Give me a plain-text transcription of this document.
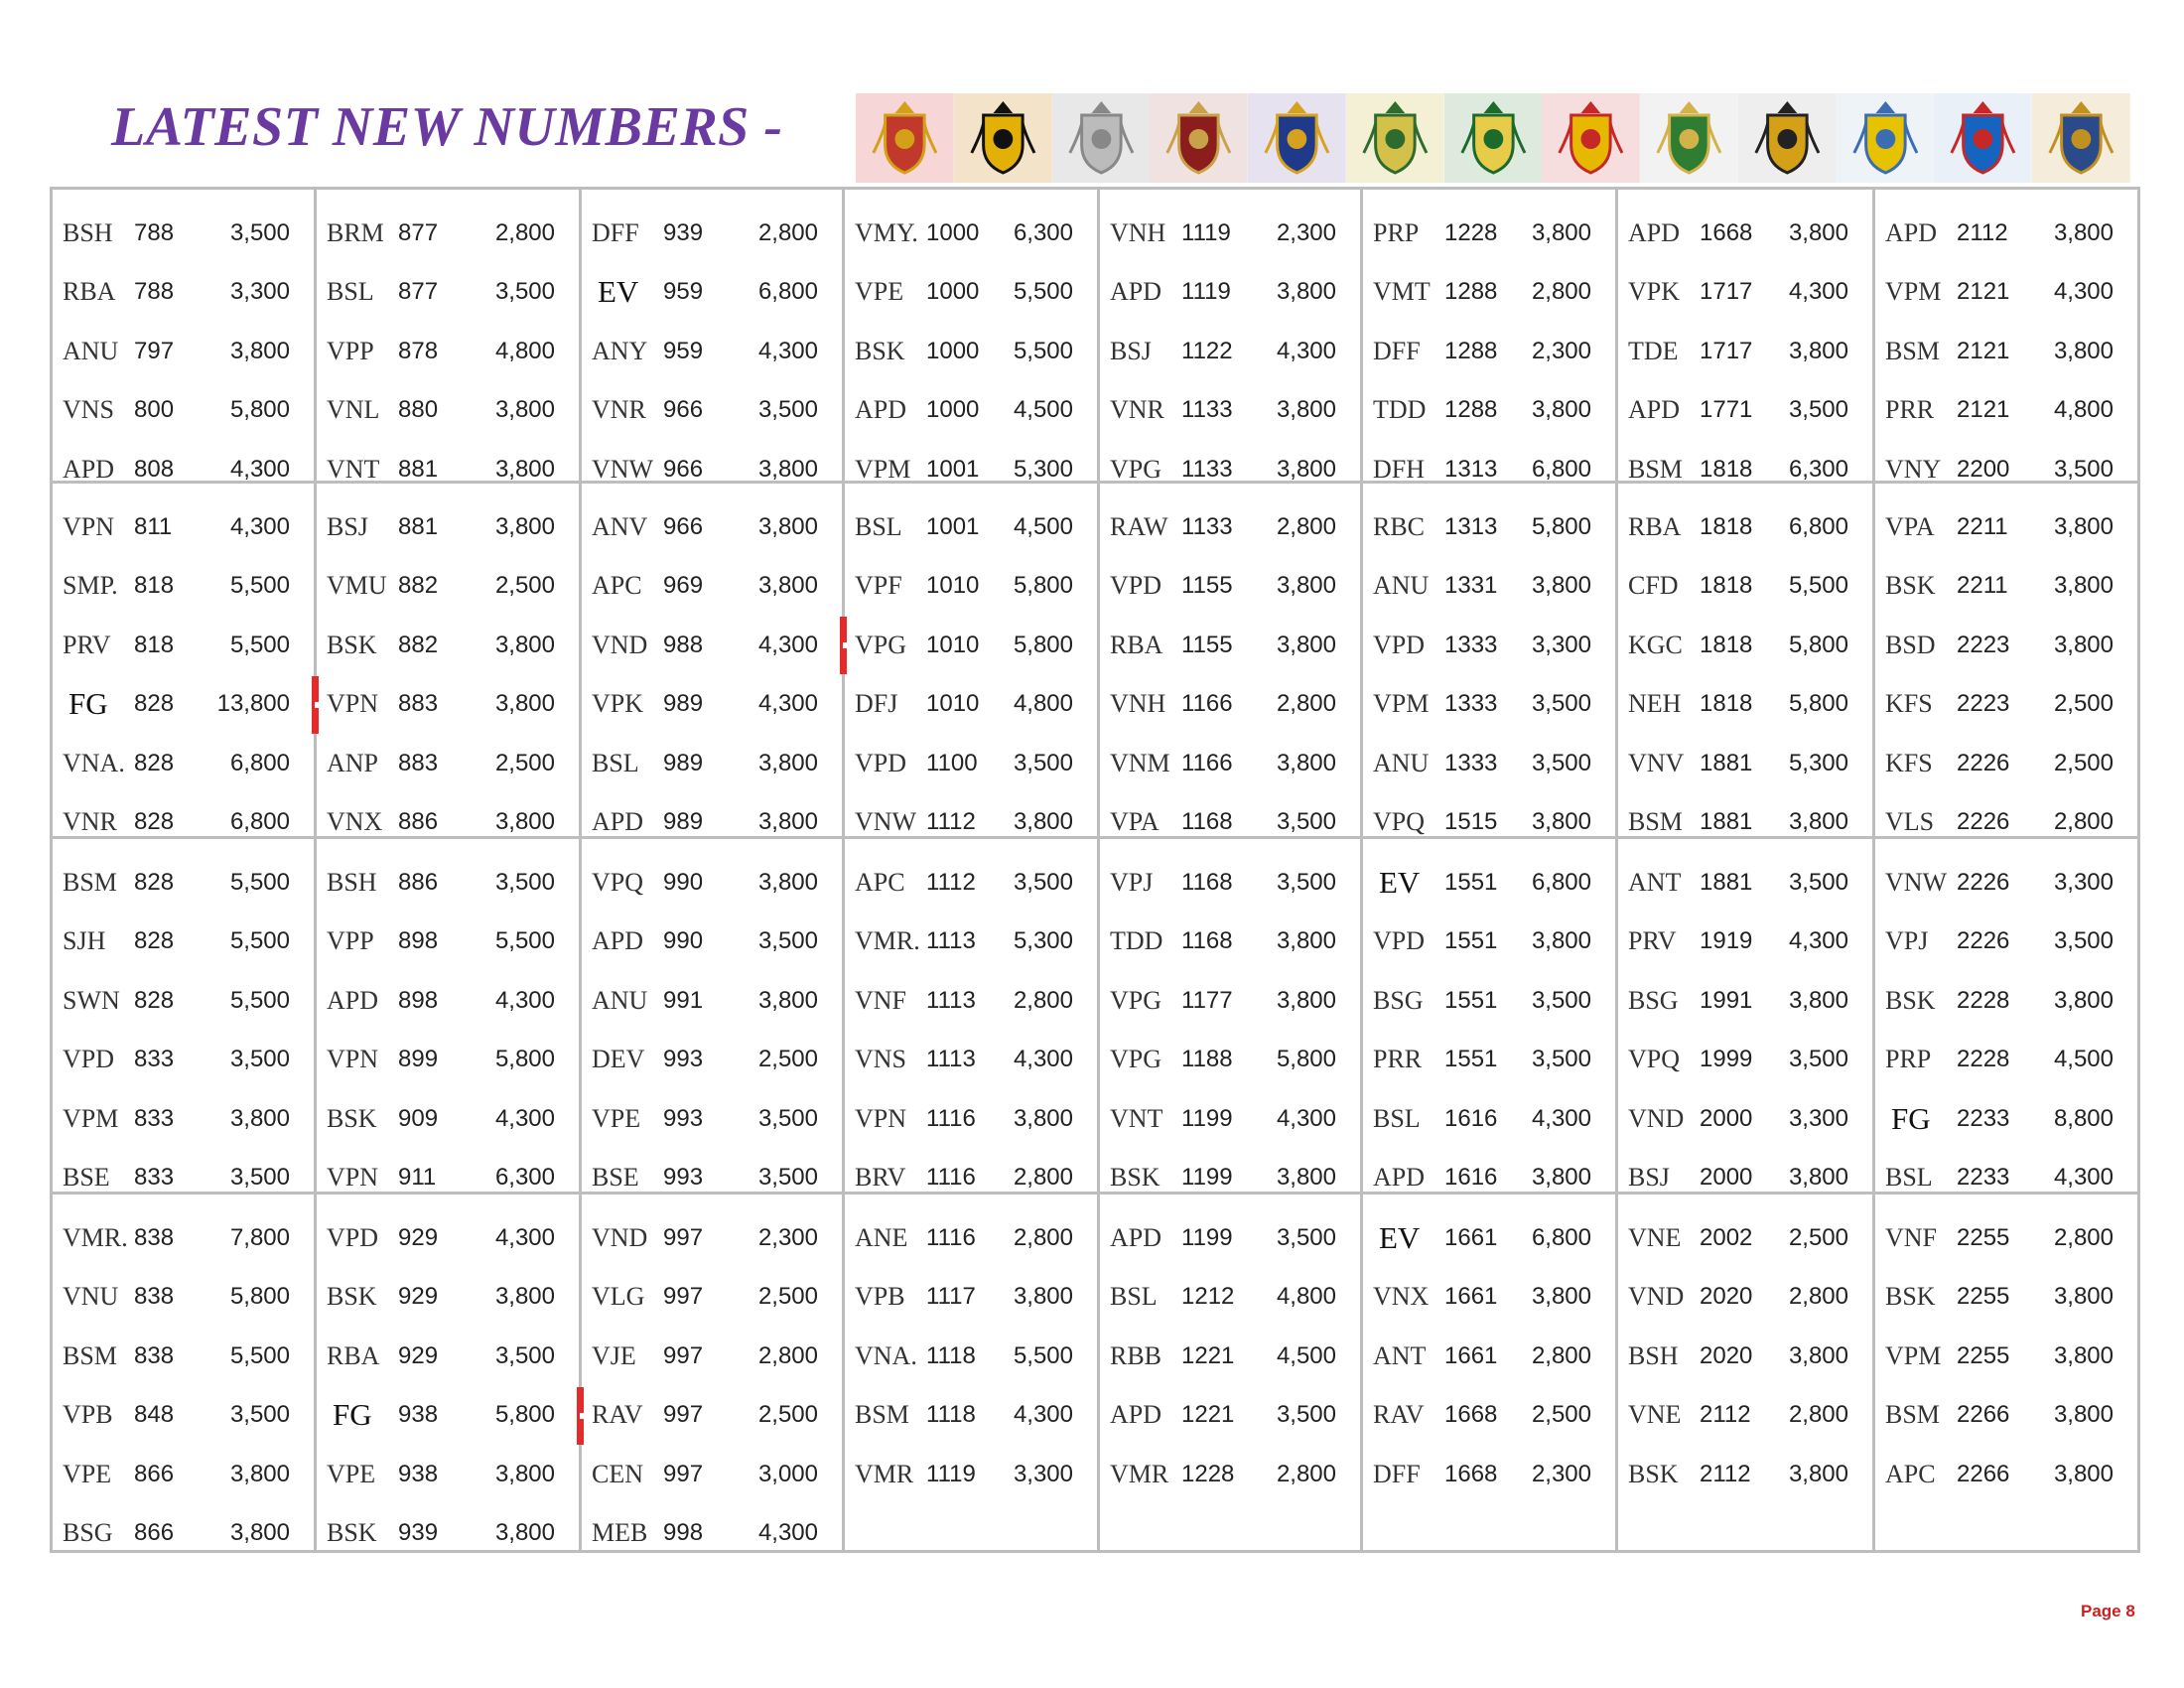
LATEST NEW NUMBERS -
BSH 788	3,500
RBA 788	3,300
ANU 797	3,800
VNS 800	5,800
APD 808	4,300
BRM 877	2,800
BSL	877	3,500
VPP	878	4,800
VNL 880	3,800
VNT 881	3,800
DFF	939	2,800
EV	959	6,800
ANY 959	4,300
VNR 966	3,500
VNW 966	3,800
VMY. 1000	6,300
VPE 1000	5,500
BSK 1000	5,500
APD 1000	4,500
VPM 1001	5,300
VNH 1119	2,300
APD 1119	3,800
BSJ	1122	4,300
VNR 1133	3,800
VPG 1133	3,800
PRP	1228	3,800
VMT 1288	2,800
DFF	1288	2,300
TDD 1288	3,800
DFH 1313	6,800
APD 1668	3,800
VPK 1717	4,300
TDE 1717	3,800
APD 1771	3,500
BSM 1818	6,300
APD 2112	3,800
VPM 2121	4,300
BSM 2121	3,800
PRR 2121	4,800
VNY 2200	3,500
VPN 811	4,300
SMP. 818	5,500
PRV 818	5,500
FG	828	13,800
VNA. 828	6,800
VNR 828	6,800
BSJ	881	3,800
VMU 882	2,500
BSK 882	3,800
VPN 883	3,800
ANP 883	2,500
VNX 886	3,800
ANV 966	3,800
APC 969	3,800
VND 988	4,300
VPK 989	4,300
BSL	989	3,800
APD 989	3,800
BSL	1001	4,500
VPF	1010	5,800
VPG 1010	5,800
DFJ	1010	4,800
VPD 1100	3,500
VNW 1112	3,800
RAW 1133	2,800
VPD 1155	3,800
RBA 1155	3,800
VNH 1166	2,800
VNM 1166	3,800
VPA 1168	3,500
RBC 1313	5,800
ANU 1331	3,800
VPD 1333	3,300
VPM 1333	3,500
ANU 1333	3,500
VPQ 1515	3,800
RBA 1818	6,800
CFD 1818	5,500
KGC 1818	5,800
NEH 1818	5,800
VNV 1881	5,300
BSM 1881	3,800
VPA 2211	3,800
BSK 2211	3,800
BSD 2223	3,800
KFS	2223	2,500
KFS	2226	2,500
VLS 2226	2,800
BSM 828	5,500
SJH	828	5,500
SWN 828	5,500
VPD 833	3,500
VPM 833	3,800
BSE	833	3,500
BSH 886	3,500
VPP	898	5,500
APD 898	4,300
VPN 899	5,800
BSK 909	4,300
VPN 911	6,300
VPQ 990	3,800
APD 990	3,500
ANU 991	3,800
DEV 993	2,500
VPE 993	3,500
BSE	993	3,500
APC 1112	3,500
VMR. 1113	5,300
VNF 1113	2,800
VNS 1113	4,300
VPN 1116	3,800
BRV 1116	2,800
VPJ	1168	3,500
TDD 1168	3,800
VPG 1177	3,800
VPG 1188	5,800
VNT 1199	4,300
BSK 1199	3,800
EV	1551	6,800
VPD 1551	3,800
BSG 1551	3,500
PRR 1551	3,500
BSL	1616	4,300
APD 1616	3,800
ANT 1881	3,500
PRV 1919	4,300
BSG 1991	3,800
VPQ 1999	3,500
VND 2000	3,300
BSJ	2000	3,800
VNW 2226	3,300
VPJ	2226	3,500
BSK 2228	3,800
PRP	2228	4,500
FG	2233	8,800
BSL	2233	4,300
VMR. 838	7,800
VNU 838	5,800
BSM 838	5,500
VPB 848	3,500
VPE 866	3,800
BSG 866	3,800
VPD 929	4,300
BSK 929	3,800
RBA 929	3,500
FG	938	5,800
VPE 938	3,800
BSK 939	3,800
VND 997	2,300
VLG 997	2,500
VJE	997	2,800
RAV 997	2,500
CEN 997	3,000
MEB 998	4,300
ANE 1116	2,800
VPB 1117	3,800
VNA. 1118	5,500
BSM 1118	4,300
VMR 1119	3,300
APD 1199	3,500
BSL	1212	4,800
RBB 1221	4,500
APD 1221	3,500
VMR 1228	2,800
EV	1661	6,800
VNX 1661	3,800
ANT 1661	2,800
RAV 1668	2,500
DFF	1668	2,300
VNE 2002	2,500
VND 2020	2,800
BSH 2020	3,800
VNE 2112	2,800
BSK 2112	3,800
VNF 2255	2,800
BSK 2255	3,800
VPM 2255	3,800
BSM 2266	3,800
APC 2266	3,800
Page 8
